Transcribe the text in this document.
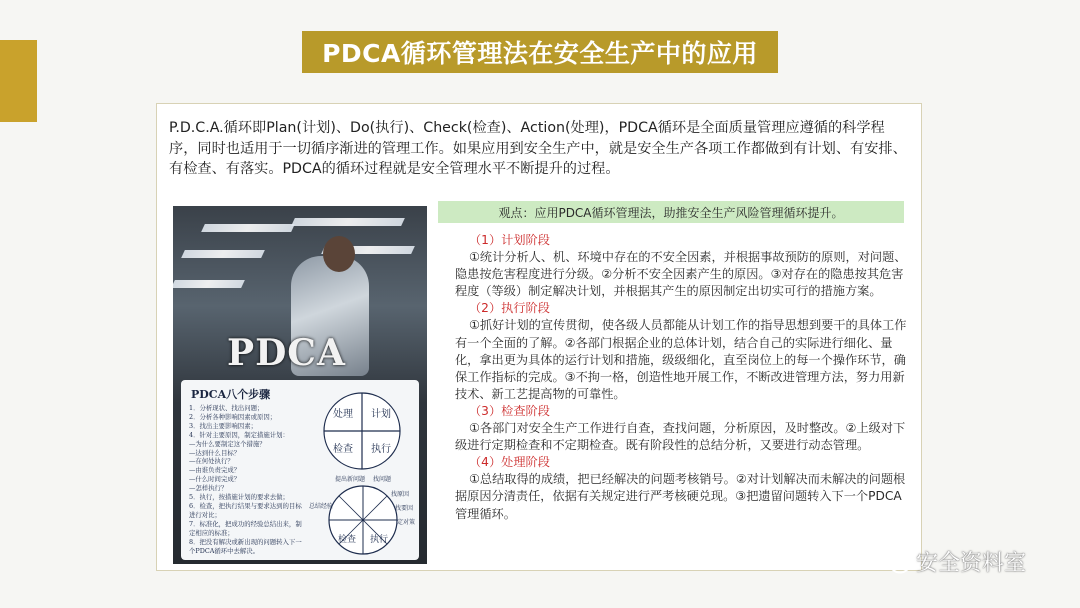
PDCA循环管理法在安全生产中的应用
P.D.C.A.循环即Plan(计划)、Do(执行)、Check(检查)、Action(处理)，PDCA循环是全面质量管理应遵循的科学程序，同时也适用于一切循序渐进的管理工作。如果应用到安全生产中，就是安全生产各项工作都做到有计划、有安排、有检查、有落实。PDCA的循环过程就是安全管理水平不断提升的过程。
PDCA
PDCA八个步骤
1．分析现状、找出问题；
2．分析各种影响因素或原因；
3．找出主要影响因素；
4．针对主要原因，制定措施计划：
—为什么要制定这个措施？
—达到什么目标？
—在何处执行？
—由谁负责完成？
—什么时间完成？
—怎样执行？
5．执行，按措施计划的要求去做；
6．检查，把执行结果与要求达到的目标进行对比；
7．标准化，把成功的经验总结出来，制定相应的标准；
8．把没有解决或新出现的问题转入下一个PDCA循环中去解决。
处理 计划
检查 执行
提出新问题 找问题
找原因
找要因
定对策
总结经验
检查 执行
观点：应用PDCA循环管理法，助推安全生产风险管理循环提升。
（1）计划阶段
①统计分析人、机、环境中存在的不安全因素，并根据事故预防的原则，对问题、隐患按危害程度进行分级。②分析不安全因素产生的原因。③对存在的隐患按其危害程度（等级）制定解决计划，并根据其产生的原因制定出切实可行的措施方案。
（2）执行阶段
①抓好计划的宣传贯彻，使各级人员都能从计划工作的指导思想到要干的具体工作有一个全面的了解。②各部门根据企业的总体计划，结合自己的实际进行细化、量化，拿出更为具体的运行计划和措施，级级细化，直至岗位上的每一个操作环节，确保工作指标的完成。③不拘一格，创造性地开展工作，不断改进管理方法，努力用新技术、新工艺提高物的可靠性。
（3）检查阶段
①各部门对安全生产工作进行自查，查找问题，分析原因，及时整改。②上级对下级进行定期检查和不定期检查。既有阶段性的总结分析，又要进行动态管理。
（4）处理阶段
①总结取得的成绩，把已经解决的问题考核销号。②对计划解决而未解决的问题根据原因分清责任，依据有关规定进行严考核硬兑现。③把遗留问题转入下一个PDCA管理循环。
安全资料室
